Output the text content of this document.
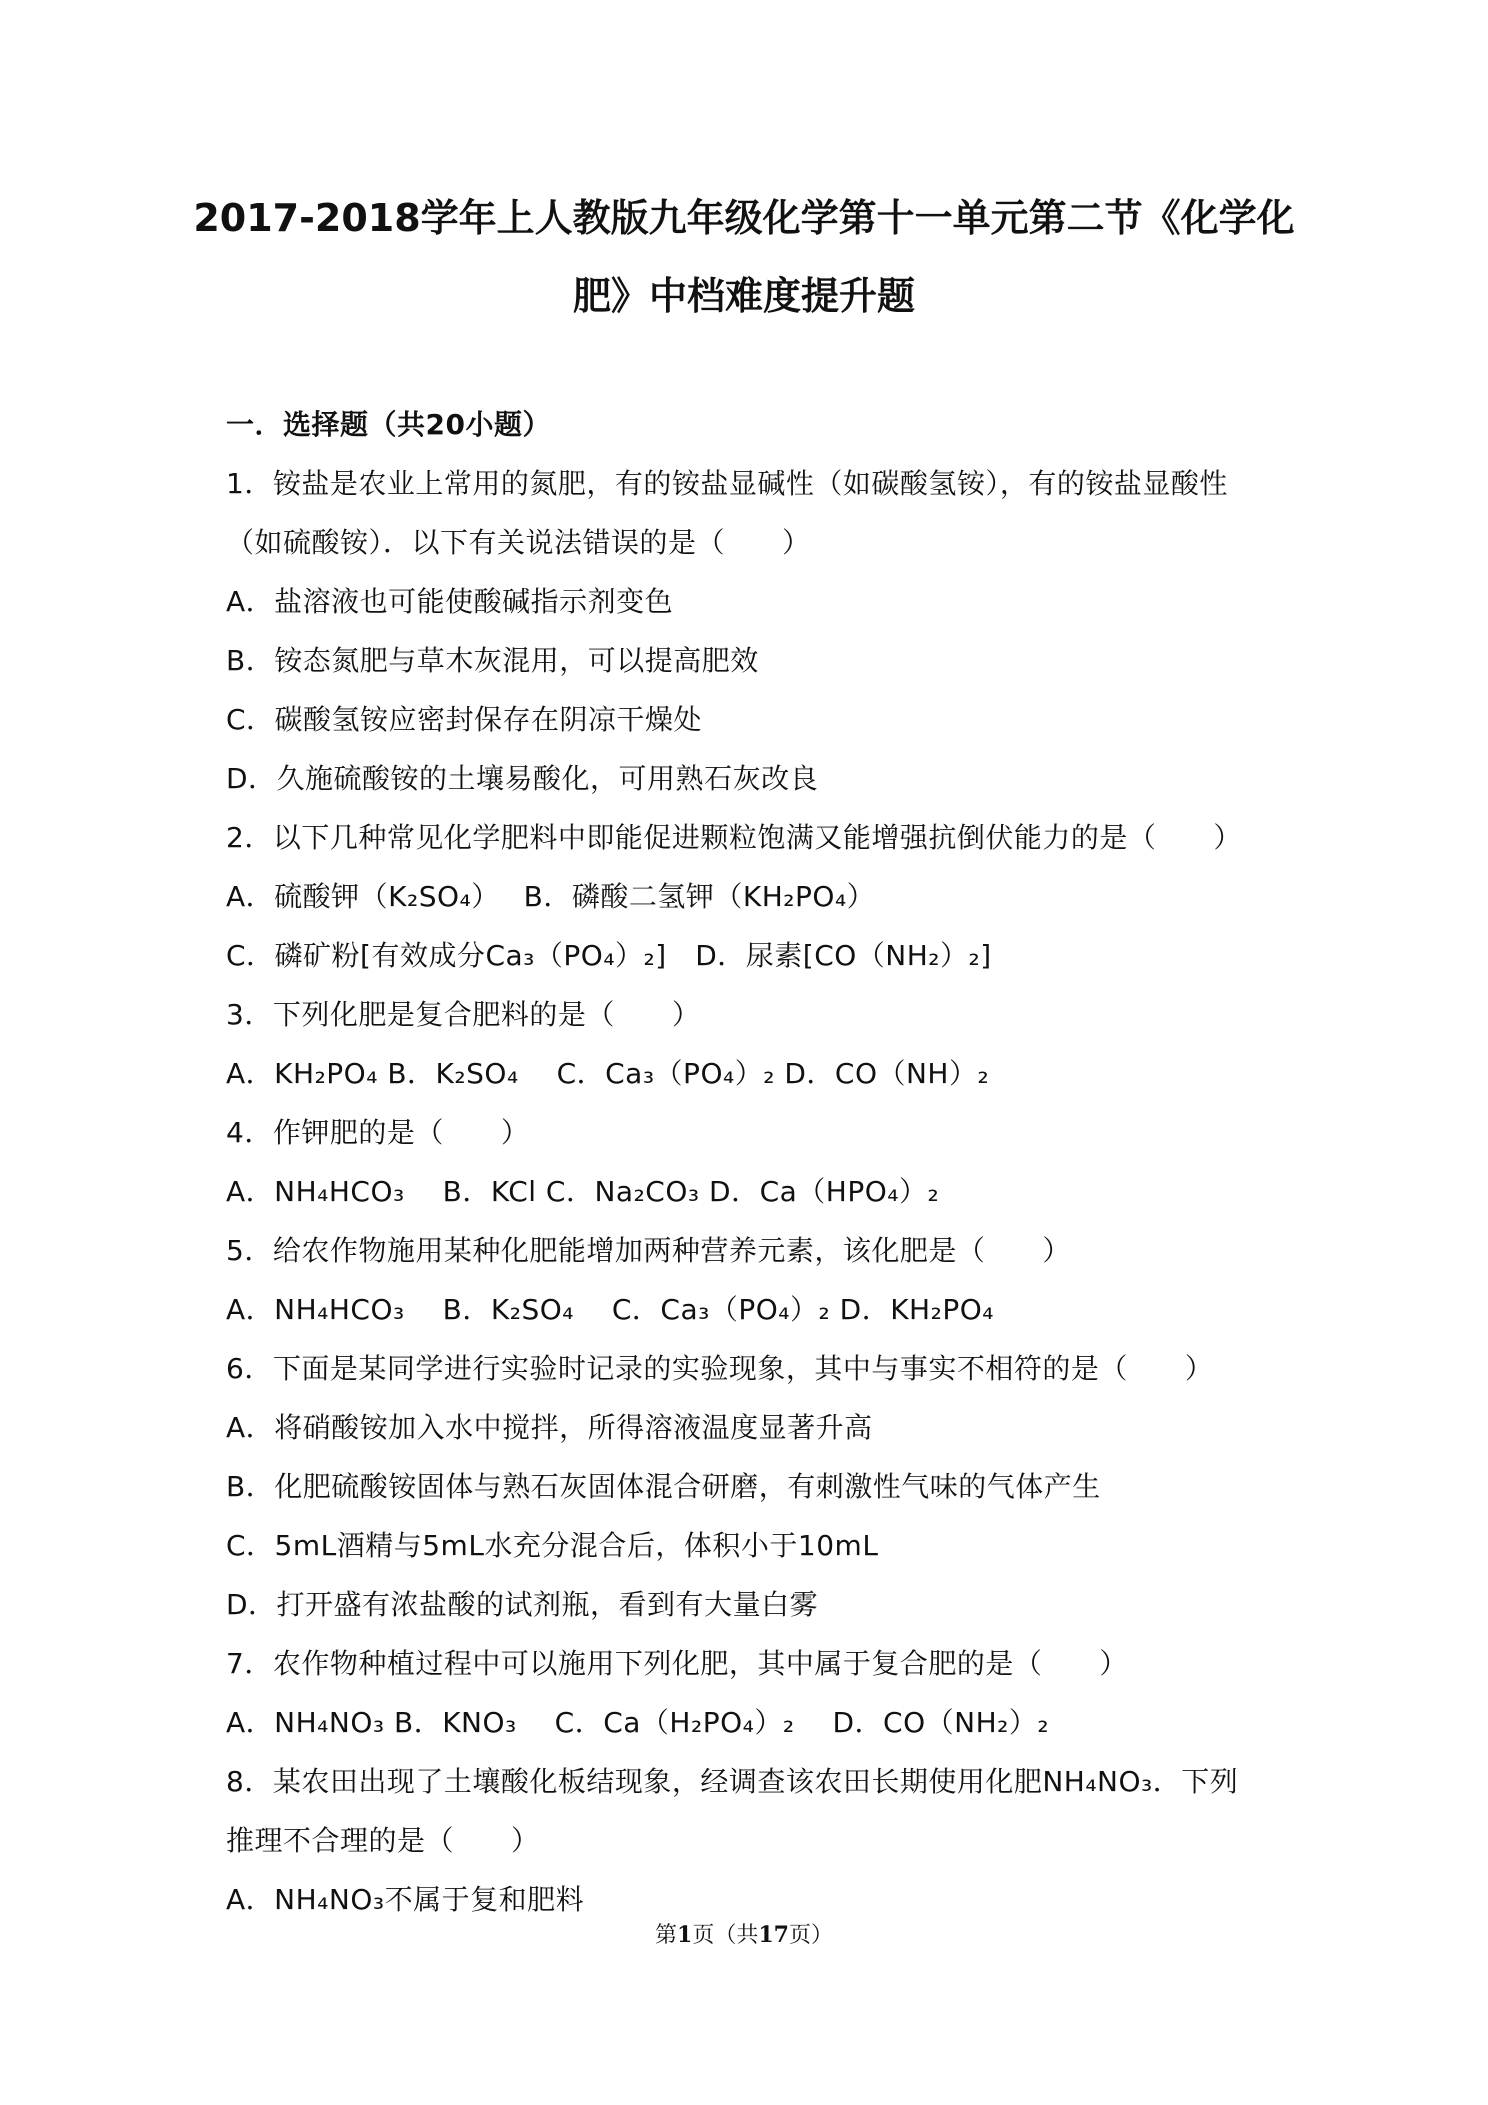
2017-2018学年上人教版九年级化学第十一单元第二节《化学化
肥》中档难度提升题
一．选择题（共20小题）
1．铵盐是农业上常用的氮肥，有的铵盐显碱性（如碳酸氢铵），有的铵盐显酸性
（如硫酸铵）．以下有关说法错误的是（　　）
A．盐溶液也可能使酸碱指示剂变色
B．铵态氮肥与草木灰混用，可以提高肥效
C．碳酸氢铵应密封保存在阴凉干燥处
D．久施硫酸铵的土壤易酸化，可用熟石灰改良
2．以下几种常见化学肥料中即能促进颗粒饱满又能增强抗倒伏能力的是（　　）
A．硫酸钾（K₂SO₄）　 B．磷酸二氢钾（KH₂PO₄）
C．磷矿粉[有效成分Ca₃（PO₄）₂]　D．尿素[CO（NH₂）₂]
3．下列化肥是复合肥料的是（　　）
A．KH₂PO₄ B．K₂SO₄　 C．Ca₃（PO₄）₂ D．CO（NH）₂
4．作钾肥的是（　　）
A．NH₄HCO₃　 B．KCl C．Na₂CO₃ D．Ca（HPO₄）₂
5．给农作物施用某种化肥能增加两种营养元素，该化肥是（　　）
A．NH₄HCO₃　 B．K₂SO₄　 C．Ca₃（PO₄）₂ D．KH₂PO₄
6．下面是某同学进行实验时记录的实验现象，其中与事实不相符的是（　　）
A．将硝酸铵加入水中搅拌，所得溶液温度显著升高
B．化肥硫酸铵固体与熟石灰固体混合研磨，有刺激性气味的气体产生
C．5mL酒精与5mL水充分混合后，体积小于10mL
D．打开盛有浓盐酸的试剂瓶，看到有大量白雾
7．农作物种植过程中可以施用下列化肥，其中属于复合肥的是（　　）
A．NH₄NO₃ B．KNO₃　 C．Ca（H₂PO₄）₂　 D．CO（NH₂）₂
8．某农田出现了土壤酸化板结现象，经调查该农田长期使用化肥NH₄NO₃．下列
推理不合理的是（　　）
A．NH₄NO₃不属于复和肥料
第1页（共17页）
